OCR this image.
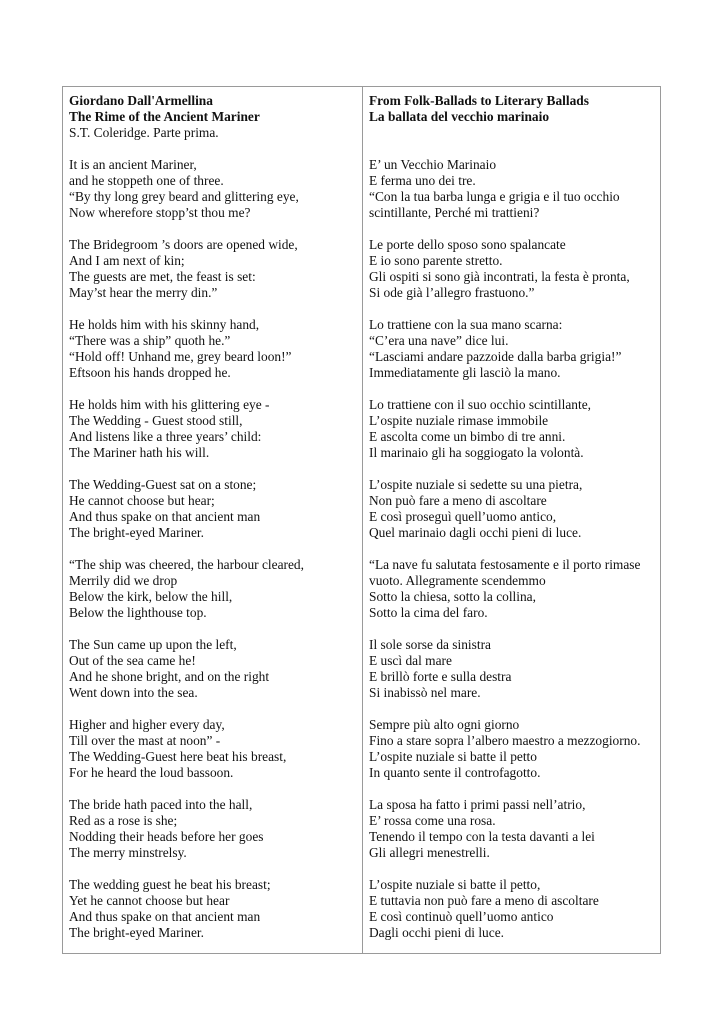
Giordano Dall'Armellina
The Rime of the Ancient Mariner
S.T. Coleridge. Parte prima.
It is an ancient Mariner,
and he stoppeth one of three.
“By thy long grey beard and glittering eye,
Now wherefore stopp’st thou me?
The Bridegroom ’s doors are opened wide,
And I am next of kin;
The guests are met, the feast is set:
May’st hear the merry din.”
He holds him with his skinny hand,
“There was a ship” quoth he.”
“Hold off! Unhand me, grey beard loon!”
Eftsoon his hands dropped he.
He holds him with his glittering eye -
The Wedding - Guest stood still,
And listens like a three years’ child:
The Mariner hath his will.
The Wedding-Guest sat on a stone;
He cannot choose but hear;
And thus spake on that ancient man
The bright-eyed Mariner.
“The ship was cheered, the harbour cleared,
Merrily did we drop
Below the kirk, below the hill,
Below the lighthouse top.
The Sun came up upon the left,
Out of the sea came he!
And he shone bright, and on the right
Went down into the sea.
Higher and higher every day,
Till over the mast at noon” -
The Wedding-Guest here beat his breast,
For he heard the loud bassoon.
The bride hath paced into the hall,
Red as a rose is she;
Nodding their heads before her goes
The merry minstrelsy.
The wedding guest he beat his breast;
Yet he cannot choose but hear
And thus spake on that ancient man
The bright-eyed Mariner.
From Folk-Ballads to Literary Ballads
La ballata del vecchio marinaio
E’ un Vecchio Marinaio
E ferma uno dei tre.
“Con la tua barba lunga e grigia e il tuo occhio
scintillante, Perché mi trattieni?
Le porte dello sposo sono spalancate
E io sono parente stretto.
Gli ospiti si sono già incontrati, la festa è pronta,
Si ode già l’allegro frastuono.”
Lo trattiene con la sua mano scarna:
“C’era una nave” dice lui.
“Lasciami andare pazzoide dalla barba grigia!”
Immediatamente gli lasciò la mano.
Lo trattiene con il suo occhio scintillante,
L’ospite nuziale rimase immobile
E ascolta come un bimbo di tre anni.
Il marinaio gli ha soggiogato la volontà.
L’ospite nuziale si sedette su una pietra,
Non può fare a meno di ascoltare
E così proseguì quell’uomo antico,
Quel marinaio dagli occhi pieni di luce.
“La nave fu salutata festosamente e il porto rimase
vuoto. Allegramente scendemmo
Sotto la chiesa, sotto la collina,
Sotto la cima del faro.
Il sole sorse da sinistra
E uscì dal mare
E brillò forte e sulla destra
Si inabissò nel mare.
Sempre più alto ogni giorno
Fino a stare sopra l’albero maestro a mezzogiorno.
L’ospite nuziale si batte il petto
In quanto sente il controfagotto.
La sposa ha fatto i primi passi nell’atrio,
E’ rossa come una rosa.
Tenendo il tempo con la testa davanti a lei
Gli allegri menestrelli.
L’ospite nuziale si batte il petto,
E tuttavia non può fare a meno di ascoltare
E così continuò quell’uomo antico
Dagli occhi pieni di luce.
